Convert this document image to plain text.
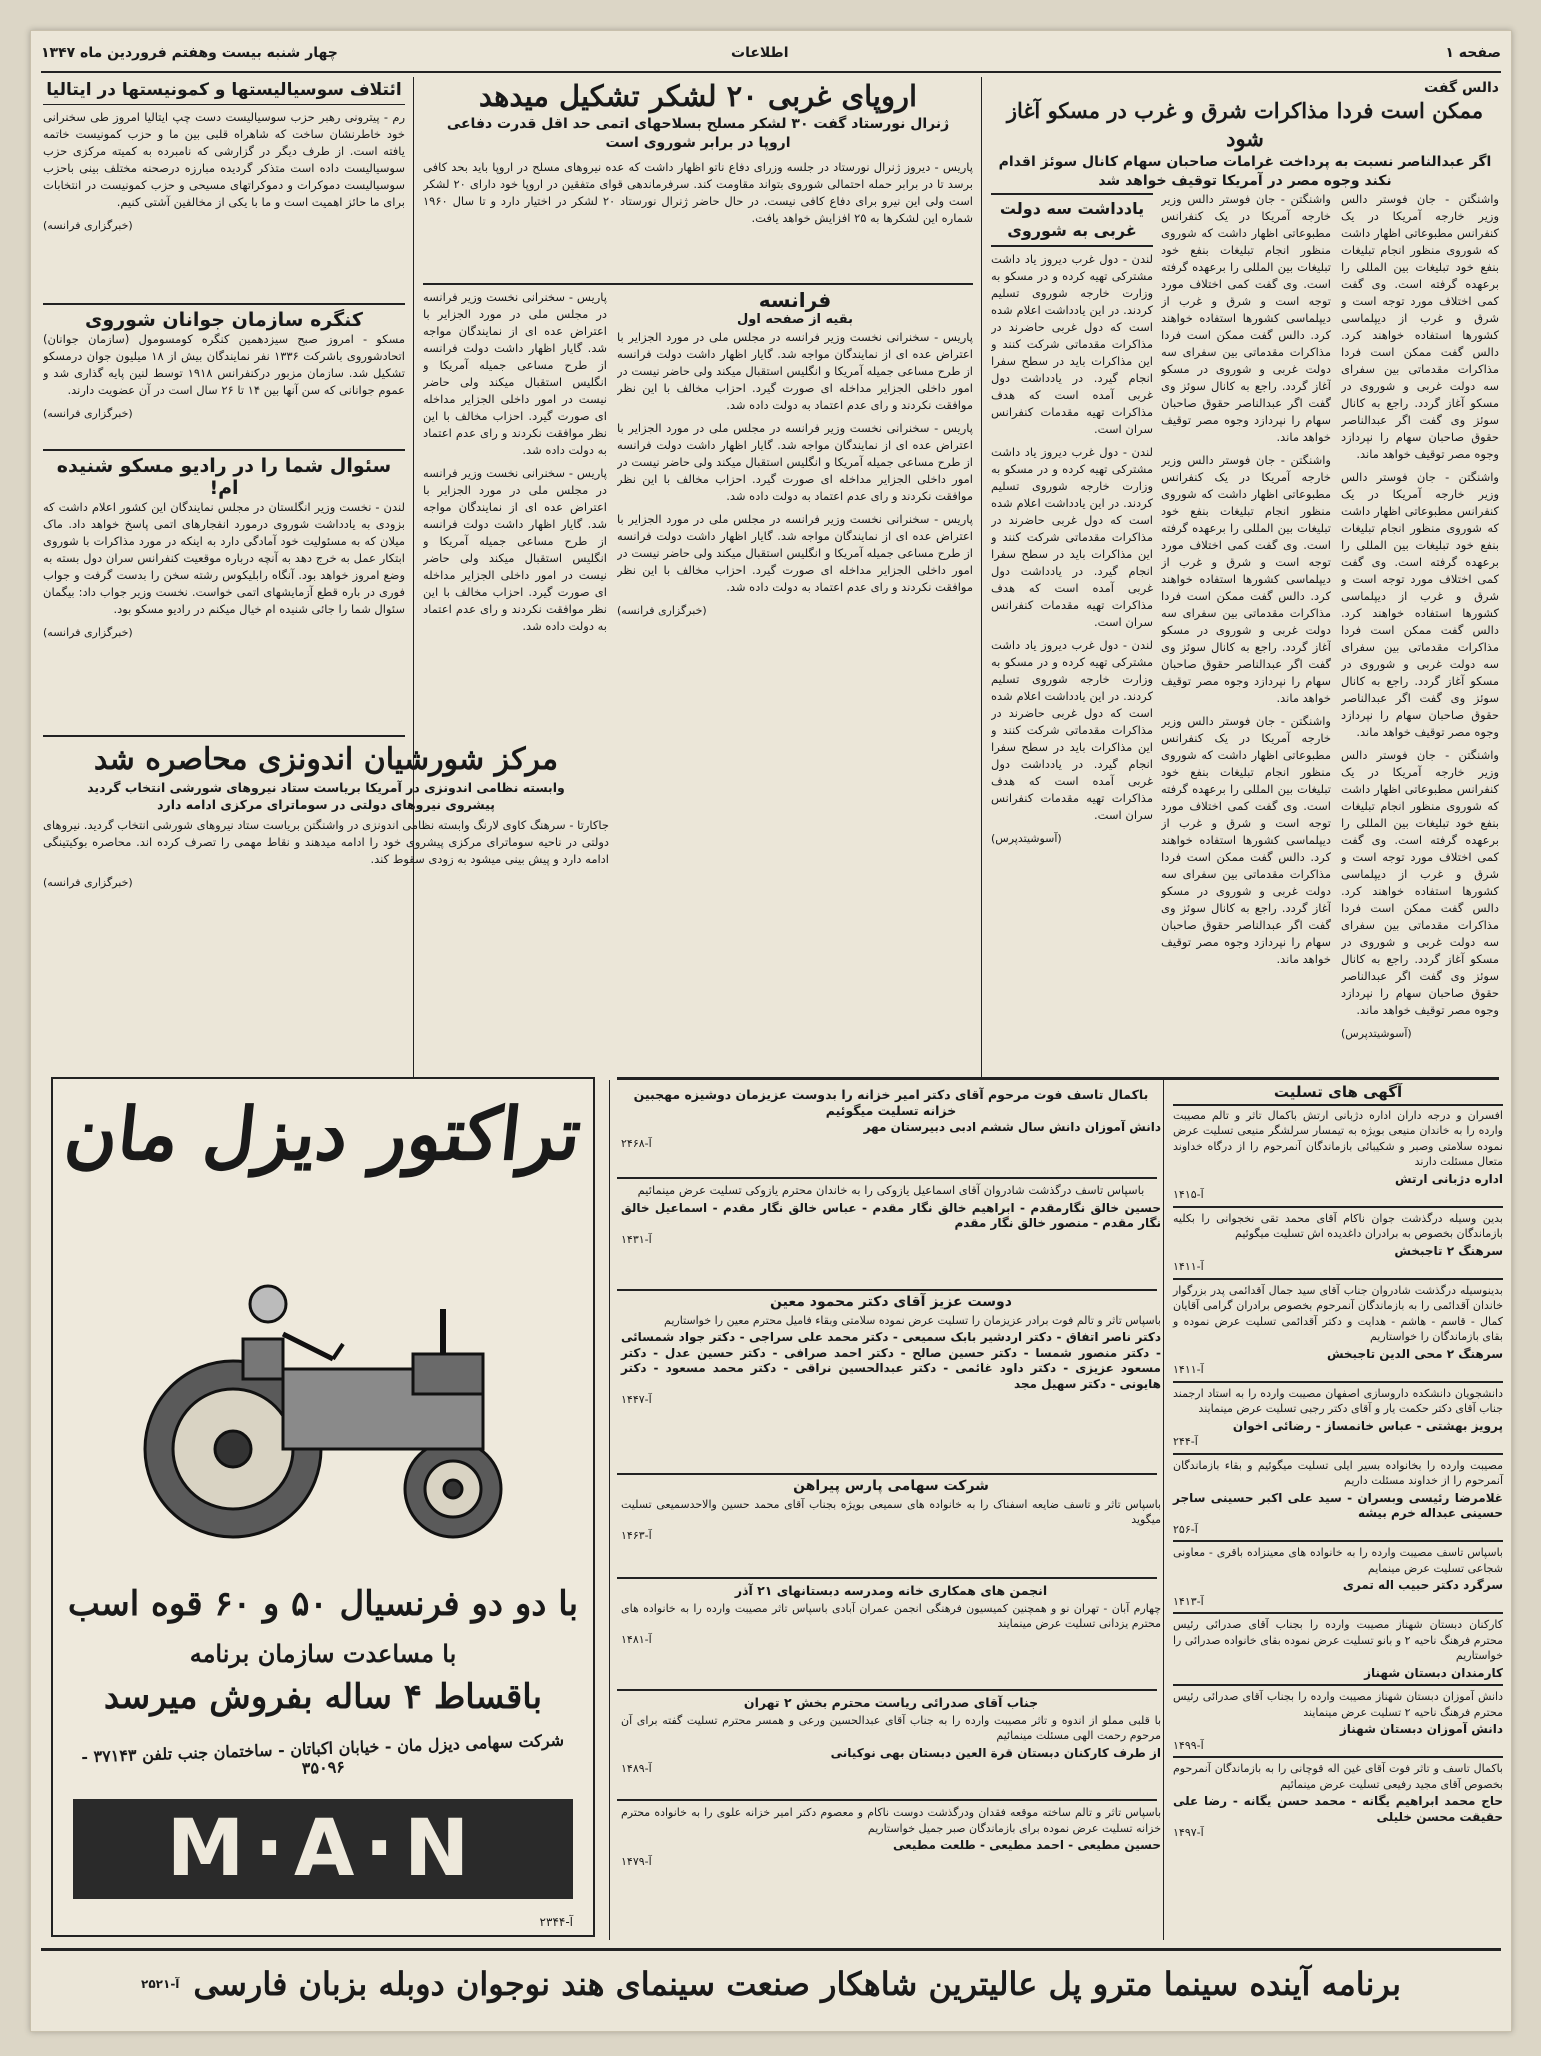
صفحه ۱
اطلاعات
چهار شنبه بیست وهفتم فروردین ماه ۱۳۴۷
ائتلاف سوسیالیستها و کمونیستها در ایتالیا

رم - پیترونی رهبر حزب سوسیالیست دست چپ ایتالیا امروز طی سخنرانی خود خاطرنشان ساخت که شاهراه قلبی بین ما و حزب کمونیست خاتمه یافته است. از طرف دیگر در گزارشی که نامبرده به کمیته مرکزی حزب سوسیالیست داده است متذکر گردیده مبارزه درصحنه مختلف بینی باحزب سوسیالیست دموکرات و دموکراتهای مسیحی و حزب کمونیست در انتخابات برای ما حائز اهمیت است و ما با یکی از مخالفین آشتی کنیم.

(خبرگزاری فرانسه)
کنگره سازمان جوانان شوروی

مسکو - امروز صبح سیزدهمین کنگره کومسومول (سازمان جوانان) اتحادشوروی باشرکت ۱۳۳۶ نفر نمایندگان بیش از ۱۸ میلیون جوان درمسکو تشکیل شد. سازمان مزبور درکنفرانس ۱۹۱۸ توسط لنین پایه گذاری شد و عموم جوانانی که سن آنها بین ۱۴ تا ۲۶ سال است در آن عضویت دارند.

(خبرگزاری فرانسه)
سئوال شما را در رادیو مسکو شنیده ام!

لندن - نخست وزیر انگلستان در مجلس نمایندگان این کشور اعلام داشت که بزودی به یادداشت شوروی درمورد انفجارهای اتمی پاسخ خواهد داد. ماک میلان که به مسئولیت خود آمادگی دارد به اینکه در مورد مذاکرات با شوروی ابتکار عمل به خرج دهد به آنچه درباره موقعیت کنفرانس سران دول بسته به وضع امروز خواهد بود. آنگاه رابلیکوس رشته سخن را بدست گرفت و جواب فوری در باره قطع آزمایشهای اتمی خواست. نخست وزیر جواب داد: بیگمان سئوال شما را جائی شنیده ام خیال میکنم در رادیو مسکو بود.

(خبرگزاری فرانسه)
مرکز شورشیان اندونزی محاصره شد
وابسته نظامی اندونزی در آمریکا بریاست ستاد نیروهای شورشی انتخاب گردید
پیشروی نیروهای دولتی در سوماترای مرکزی ادامه دارد

جاکارتا - سرهنگ کاوی لارنگ وابسته نظامی اندونزی در واشنگتن بریاست ستاد نیروهای شورشی انتخاب گردید. نیروهای دولتی در ناحیه سوماترای مرکزی پیشروی خود را ادامه میدهند و نقاط مهمی را تصرف کرده اند. محاصره بوکیتینگی ادامه دارد و پیش بینی میشود به زودی سقوط کند.

(خبرگزاری فرانسه)
اروپای غربی ۲۰ لشکر تشکیل میدهد
ژنرال نورستاد گفت ۳۰ لشکر مسلح بسلاحهای اتمی حد اقل قدرت دفاعی اروپا در برابر شوروی است

پاریس - دیروز ژنرال نورستاد در جلسه وزرای دفاع ناتو اظهار داشت که عده نیروهای مسلح در اروپا باید بحد کافی برسد تا در برابر حمله احتمالی شوروی بتواند مقاومت کند. سرفرماندهی قوای متفقین در اروپا خود دارای ۲۰ لشکر است ولی این نیرو برای دفاع کافی نیست. در حال حاضر ژنرال نورستاد ۲۰ لشکر در اختیار دارد و تا سال ۱۹۶۰ شماره این لشکرها به ۲۵ افزایش خواهد یافت.

فرانسه
بقیه از صفحه اول

پاریس - سخنرانی نخست وزیر فرانسه در مجلس ملی در مورد الجزایر با اعتراض عده ای از نمایندگان مواجه شد. گایار اظهار داشت دولت فرانسه از طرح مساعی جمیله آمریکا و انگلیس استقبال میکند ولی حاضر نیست در امور داخلی الجزایر مداخله ای صورت گیرد. احزاب مخالف با این نظر موافقت نکردند و رای عدم اعتماد به دولت داده شد.

پاریس - سخنرانی نخست وزیر فرانسه در مجلس ملی در مورد الجزایر با اعتراض عده ای از نمایندگان مواجه شد. گایار اظهار داشت دولت فرانسه از طرح مساعی جمیله آمریکا و انگلیس استقبال میکند ولی حاضر نیست در امور داخلی الجزایر مداخله ای صورت گیرد. احزاب مخالف با این نظر موافقت نکردند و رای عدم اعتماد به دولت داده شد.

پاریس - سخنرانی نخست وزیر فرانسه در مجلس ملی در مورد الجزایر با اعتراض عده ای از نمایندگان مواجه شد. گایار اظهار داشت دولت فرانسه از طرح مساعی جمیله آمریکا و انگلیس استقبال میکند ولی حاضر نیست در امور داخلی الجزایر مداخله ای صورت گیرد. احزاب مخالف با این نظر موافقت نکردند و رای عدم اعتماد به دولت داده شد.

(خبرگزاری فرانسه)

پاریس - سخنرانی نخست وزیر فرانسه در مجلس ملی در مورد الجزایر با اعتراض عده ای از نمایندگان مواجه شد. گایار اظهار داشت دولت فرانسه از طرح مساعی جمیله آمریکا و انگلیس استقبال میکند ولی حاضر نیست در امور داخلی الجزایر مداخله ای صورت گیرد. احزاب مخالف با این نظر موافقت نکردند و رای عدم اعتماد به دولت داده شد.

پاریس - سخنرانی نخست وزیر فرانسه در مجلس ملی در مورد الجزایر با اعتراض عده ای از نمایندگان مواجه شد. گایار اظهار داشت دولت فرانسه از طرح مساعی جمیله آمریکا و انگلیس استقبال میکند ولی حاضر نیست در امور داخلی الجزایر مداخله ای صورت گیرد. احزاب مخالف با این نظر موافقت نکردند و رای عدم اعتماد به دولت داده شد.

دالس گفت
ممکن است فردا مذاکرات شرق و غرب در مسکو آغاز شود
اگر عبدالناصر نسبت به پرداخت غرامات صاحبان سهام کانال سوئز اقدام نکند وجوه مصر در آمریکا توقیف خواهد شد

واشنگتن - جان فوستر دالس وزیر خارجه آمریکا در یک کنفرانس مطبوعاتی اظهار داشت که شوروی منظور انجام تبلیغات بنفع خود تبلیغات بین المللی را برعهده گرفته است. وی گفت کمی اختلاف مورد توجه است و شرق و غرب از دیپلماسی کشورها استفاده خواهند کرد. دالس گفت ممکن است فردا مذاکرات مقدماتی بین سفرای سه دولت غربی و شوروی در مسکو آغاز گردد. راجع به کانال سوئز وی گفت اگر عبدالناصر حقوق صاحبان سهام را نپردازد وجوه مصر توقیف خواهد ماند.

واشنگتن - جان فوستر دالس وزیر خارجه آمریکا در یک کنفرانس مطبوعاتی اظهار داشت که شوروی منظور انجام تبلیغات بنفع خود تبلیغات بین المللی را برعهده گرفته است. وی گفت کمی اختلاف مورد توجه است و شرق و غرب از دیپلماسی کشورها استفاده خواهند کرد. دالس گفت ممکن است فردا مذاکرات مقدماتی بین سفرای سه دولت غربی و شوروی در مسکو آغاز گردد. راجع به کانال سوئز وی گفت اگر عبدالناصر حقوق صاحبان سهام را نپردازد وجوه مصر توقیف خواهد ماند.

واشنگتن - جان فوستر دالس وزیر خارجه آمریکا در یک کنفرانس مطبوعاتی اظهار داشت که شوروی منظور انجام تبلیغات بنفع خود تبلیغات بین المللی را برعهده گرفته است. وی گفت کمی اختلاف مورد توجه است و شرق و غرب از دیپلماسی کشورها استفاده خواهند کرد. دالس گفت ممکن است فردا مذاکرات مقدماتی بین سفرای سه دولت غربی و شوروی در مسکو آغاز گردد. راجع به کانال سوئز وی گفت اگر عبدالناصر حقوق صاحبان سهام را نپردازد وجوه مصر توقیف خواهد ماند.

(آسوشیتدپرس)

واشنگتن - جان فوستر دالس وزیر خارجه آمریکا در یک کنفرانس مطبوعاتی اظهار داشت که شوروی منظور انجام تبلیغات بنفع خود تبلیغات بین المللی را برعهده گرفته است. وی گفت کمی اختلاف مورد توجه است و شرق و غرب از دیپلماسی کشورها استفاده خواهند کرد. دالس گفت ممکن است فردا مذاکرات مقدماتی بین سفرای سه دولت غربی و شوروی در مسکو آغاز گردد. راجع به کانال سوئز وی گفت اگر عبدالناصر حقوق صاحبان سهام را نپردازد وجوه مصر توقیف خواهد ماند.

واشنگتن - جان فوستر دالس وزیر خارجه آمریکا در یک کنفرانس مطبوعاتی اظهار داشت که شوروی منظور انجام تبلیغات بنفع خود تبلیغات بین المللی را برعهده گرفته است. وی گفت کمی اختلاف مورد توجه است و شرق و غرب از دیپلماسی کشورها استفاده خواهند کرد. دالس گفت ممکن است فردا مذاکرات مقدماتی بین سفرای سه دولت غربی و شوروی در مسکو آغاز گردد. راجع به کانال سوئز وی گفت اگر عبدالناصر حقوق صاحبان سهام را نپردازد وجوه مصر توقیف خواهد ماند.

واشنگتن - جان فوستر دالس وزیر خارجه آمریکا در یک کنفرانس مطبوعاتی اظهار داشت که شوروی منظور انجام تبلیغات بنفع خود تبلیغات بین المللی را برعهده گرفته است. وی گفت کمی اختلاف مورد توجه است و شرق و غرب از دیپلماسی کشورها استفاده خواهند کرد. دالس گفت ممکن است فردا مذاکرات مقدماتی بین سفرای سه دولت غربی و شوروی در مسکو آغاز گردد. راجع به کانال سوئز وی گفت اگر عبدالناصر حقوق صاحبان سهام را نپردازد وجوه مصر توقیف خواهد ماند.

یادداشت سه دولت غربی به شوروی

لندن - دول غرب دیروز یاد داشت مشترکی تهیه کرده و در مسکو به وزارت خارجه شوروی تسلیم کردند. در این یادداشت اعلام شده است که دول غربی حاضرند در مذاکرات مقدماتی شرکت کنند و این مذاکرات باید در سطح سفرا انجام گیرد. در یادداشت دول غربی آمده است که هدف مذاکرات تهیه مقدمات کنفرانس سران است.

لندن - دول غرب دیروز یاد داشت مشترکی تهیه کرده و در مسکو به وزارت خارجه شوروی تسلیم کردند. در این یادداشت اعلام شده است که دول غربی حاضرند در مذاکرات مقدماتی شرکت کنند و این مذاکرات باید در سطح سفرا انجام گیرد. در یادداشت دول غربی آمده است که هدف مذاکرات تهیه مقدمات کنفرانس سران است.

لندن - دول غرب دیروز یاد داشت مشترکی تهیه کرده و در مسکو به وزارت خارجه شوروی تسلیم کردند. در این یادداشت اعلام شده است که دول غربی حاضرند در مذاکرات مقدماتی شرکت کنند و این مذاکرات باید در سطح سفرا انجام گیرد. در یادداشت دول غربی آمده است که هدف مذاکرات تهیه مقدمات کنفرانس سران است.

(آسوشیتدپرس)
باکمال تاسف فوت مرحوم آقای دکتر امیر خزانه را بدوست عزیزمان دوشیزه مهجبین خزانه تسلیت میگوئیم
دانش آموزان دانش سال ششم ادبی دبیرستان مهر
آ-۲۴۶۸
باسپاس تاسف درگذشت شادروان آقای اسماعیل یازوکی را به خاندان محترم یازوکی تسلیت عرض مینمائیم
حسین خالق نگارمقدم - ابراهیم خالق نگار مقدم - عباس خالق نگار مقدم - اسماعیل خالق نگار مقدم - منصور خالق نگار مقدم
آ-۱۴۳۱
دوست عزیز آقای دکتر محمود معین
باسپاس تاثر و تالم فوت برادر عزیزمان را تسلیت عرض نموده سلامتی وبقاء فامیل محترم معین را خواستاریم
دکتر ناصر اتفاق - دکتر اردشیر بابک سمیعی - دکتر محمد علی سراجی - دکتر جواد شمسائی - دکتر منصور شمسا - دکتر حسین صالح - دکتر احمد صرافی - دکتر حسین عدل - دکتر مسعود عزیزی - دکتر داود غائمی - دکتر عبدالحسین نراقی - دکتر محمد مسعود - دکتر هایونی - دکتر سهیل مجد
آ-۱۴۴۷
شرکت سهامی پارس پیراهن
باسپاس تاثر و تاسف ضایعه اسفناک را به خانواده های سمیعی بویژه بجناب آقای محمد حسین والاحدسمیعی تسلیت میگوید
آ-۱۴۶۳
انجمن های همکاری خانه ومدرسه دبستانهای ۲۱ آذر
چهارم آبان - تهران نو و همچنین کمیسیون فرهنگی انجمن عمران آبادی باسپاس تاثر مصیبت وارده را به خانواده های محترم یزدانی تسلیت عرض مینمایند
آ-۱۴۸۱
جناب آقای صدرائی ریاست محترم بخش ۲ تهران
با قلبی مملو از اندوه و تاثر مصیبت وارده را به جناب آقای عبدالحسین ورعی و همسر محترم تسلیت گفته برای آن مرحوم رحمت الهی مسئلت مینمائیم
از طرف کارکنان دبستان قرة العین دبستان بهی نوکیانی
آ-۱۴۸۹
باسپاس تاثر و تالم ساخته موقعه فقدان ودرگذشت دوست ناکام و معصوم دکتر امیر خزانه علوی را به خانواده محترم خزانه تسلیت عرض نموده برای بازماندگان صبر جمیل خواستاریم
حسین مطیعی - احمد مطیعی - طلعت مطیعی
آ-۱۴۷۹
آگهی های تسلیت
افسران و درجه داران اداره دژبانی ارتش باکمال تاثر و تالم مصیبت وارده را به خاندان منیعی بویژه به تیمسار سرلشگر منیعی تسلیت عرض نموده سلامتی وصبر و شکیبائی بازماندگان آنمرحوم را از درگاه خداوند متعال مسئلت دارند
اداره دژبانی ارتش
آ-۱۴۱۵
بدین وسیله درگذشت جوان ناکام آقای محمد تقی نخجوانی را بکلیه بازماندگان بخصوص به برادران داغدیده اش تسلیت میگوئیم
سرهنگ ۲ تاجبخش
آ-۱۴۱۱
بدینوسیله درگذشت شادروان جناب آقای سید جمال آقدائمی پدر بزرگوار خاندان آقدائمی را به بازماندگان آنمرحوم بخصوص برادران گرامی آقایان کمال - قاسم - هاشم - هدایت و دکتر آقدائمی تسلیت عرض نموده و بقای بازماندگان را خواستاریم
سرهنگ ۲ محی الدین تاجبخش
آ-۱۴۱۱
دانشجویان دانشکده داروسازی اصفهان مصیبت وارده را به استاد ارجمند جناب آقای دکتر حکمت یار و آقای دکتر رجبی تسلیت عرض مینمایند
پرویز بهشتی - عباس خانمساز - رضائی اخوان
آ-۲۴۴
مصیبت وارده را بخانواده بسیر ایلی تسلیت میگوئیم و بقاء بازماندگان آنمرحوم را از خداوند مسئلت داریم
غلامرضا رئیسی وبسران - سید علی اکبر حسینی ساجر حسینی عبداله خرم بیشه
آ-۲۵۶
باسپاس تاسف مصیبت وارده را به خانواده های معینزاده باقری - معاونی شجاعی تسلیت عرض مینمایم
سرگرد دکتر حبیب اله تمری
آ-۱۴۱۳
کارکنان دبستان شهناز مصیبت وارده را بجناب آقای صدرائی رئیس محترم فرهنگ ناحیه ۲ و بانو تسلیت عرض نموده بقای خانواده صدرائی را خواستاریم
کارمندان دبستان شهناز
دانش آموزان دبستان شهناز مصیبت وارده را بجناب آقای صدرائی رئیس محترم فرهنگ ناحیه ۲ تسلیت عرض مینمایند
دانش آموزان دبستان شهناز
آ-۱۴۹۹
باکمال تاسف و تاثر فوت آقای غین اله قوچانی را به بازماندگان آنمرحوم بخصوص آقای مجید رفیعی تسلیت عرض مینمائیم
حاج محمد ابراهیم یگانه - محمد حسن یگانه - رضا علی حقیقت محسن خلیلی
آ-۱۴۹۷
تراکتور دیزل مان
با دو دو فرنسیال ۵۰ و ۶۰ قوه اسب
با مساعدت سازمان برنامه
باقساط ۴ ساله بفروش میرسد
شرکت سهامی دیزل مان - خیابان اکباتان - ساختمان جنب تلفن ۳۷۱۴۳ - ۳۵۰۹۶
M·A·N
آ-۲۳۴۴
برنامه آینده سینما مترو پل عالیترین شاهکار صنعت سینمای هند نوجوان دوبله بزبان فارسی
آ-۲۵۲۱
